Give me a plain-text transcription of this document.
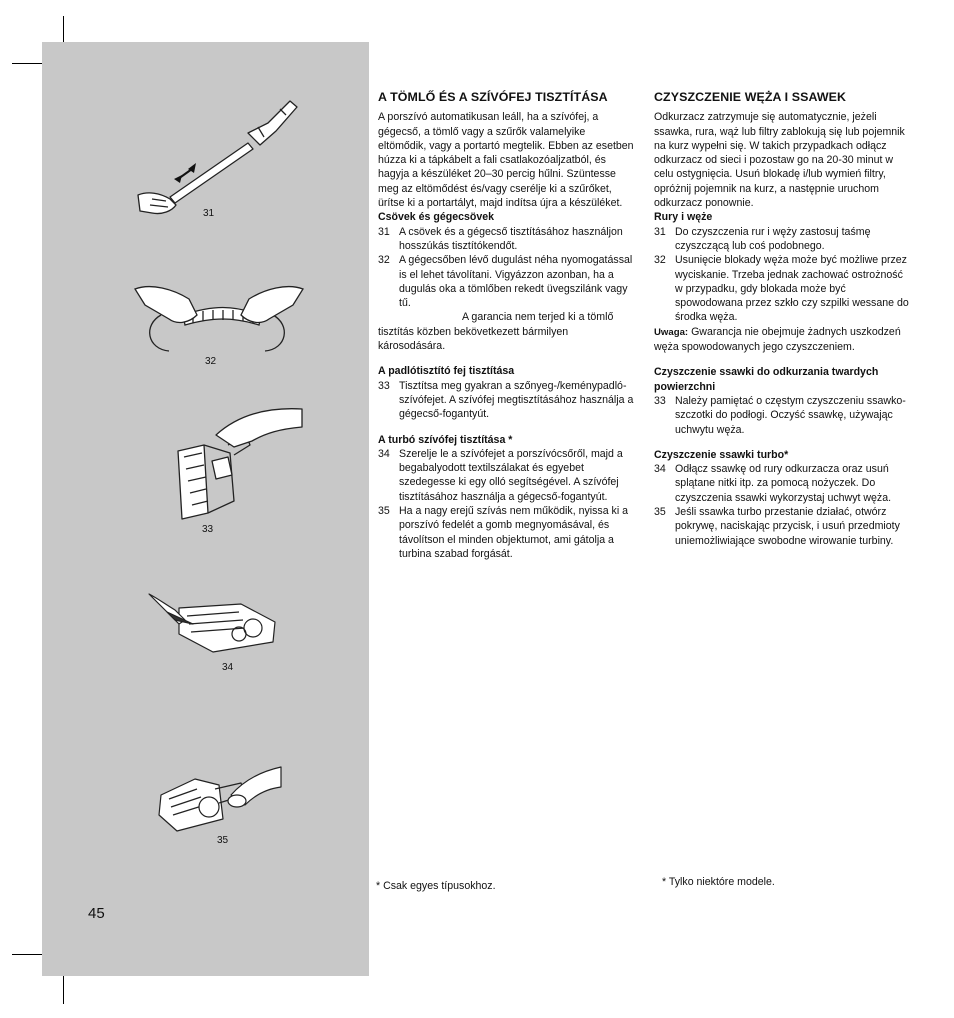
31
32
33
34
35
45
A TÖMLŐ ÉS A SZÍVÓFEJ TISZTÍTÁSA

A porszívó automatikusan leáll, ha a szívófej, a gégecső, a tömlő vagy a szűrők valamelyike eltömődik, vagy a portartó megtelik. Ebben az esetben húzza ki a tápkábelt a fali csatlakozóaljzatból, és hagyja a készüléket 20–30 percig hűlni. Szüntesse meg az eltömődést és/vagy cserélje ki a szűrőket, ürítse ki a portartályt, majd indítsa újra a készüléket.

Csövek és gégecsövek
31 A csövek és a gégecső tisztításához használjon hosszúkás tisztítókendőt.
32 A gégecsőben lévő dugulást néha nyomogatással is el lehet távolítani. Vigyázzon azonban, ha a dugulás oka a tömlőben rekedt üvegszilánk vagy tű.

A garancia nem terjed ki a tömlő tisztítás közben bekövetkezett bármilyen károsodására.

A padlótisztító fej tisztítása
33 Tisztítsa meg gyakran a szőnyeg-/keménypadló-szívófejet. A szívófej megtisztításához használja a gégecső-fogantyút.
A turbó szívófej tisztítása *
34 Szerelje le a szívófejet a porszívócsőről, majd a begabalyodott textilszálakat és egyebet szedegesse ki egy olló segítségével. A szívófej tisztításához használja a gégecső-fogantyút.
35 Ha a nagy erejű szívás nem működik, nyissa ki a porszívó fedelét a gomb megnyomásával, és távolítson el minden objektumot, ami gátolja a turbina szabad forgását.
CZYSZCZENIE WĘŻA I SSAWEK

Odkurzacz zatrzymuje się automatycznie, jeżeli ssawka, rura, wąż lub filtry zablokują się lub pojemnik na kurz wypełni się. W takich przypadkach odłącz odkurzacz od sieci i pozostaw go na 20-30 minut w celu ostygnięcia. Usuń blokadę i/lub wymień filtry, opróżnij pojemnik na kurz, a następnie uruchom odkurzacz ponownie.

Rury i węże
31 Do czyszczenia rur i węży zastosuj taśmę czyszczącą lub coś podobnego.
32 Usunięcie blokady węża może być możliwe przez wyciskanie. Trzeba jednak zachować ostrożność w przypadku, gdy blokada może być spowodowana przez szkło czy szpilki wessane do środka węża.

Uwaga: Gwarancja nie obejmuje żadnych uszkodzeń węża spowodowanych jego czyszczeniem.

Czyszczenie ssawki do odkurzania twardych powierzchni
33 Należy pamiętać o częstym czyszczeniu ssawko-szczotki do podłogi. Oczyść ssawkę, używając uchwytu węża.
Czyszczenie ssawki turbo*
34 Odłącz ssawkę od rury odkurzacza oraz usuń splątane nitki itp. za pomocą nożyczek. Do czyszczenia ssawki wykorzystaj uchwyt węża.
35 Jeśli ssawka turbo przestanie działać, otwórz pokrywę, naciskając przycisk, i usuń przedmioty uniemożliwiające swobodne wirowanie turbiny.
* Csak egyes típusokhoz.	* Tylko niektóre modele.
